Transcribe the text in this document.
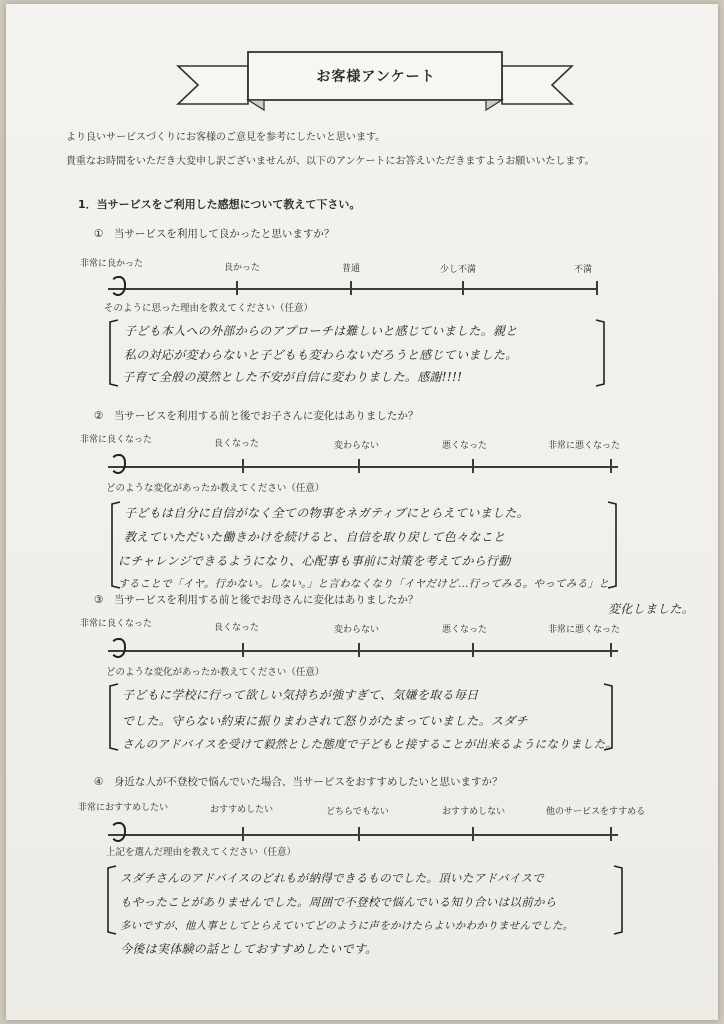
お客様アンケート
より良いサービスづくりにお客様のご意見を参考にしたいと思います。
貴重なお時間をいただき大変申し訳ございませんが、以下のアンケートにお答えいただきますようお願いいたします。
1．当サービスをご利用した感想について教えて下さい。
①　当サービスを利用して良かったと思いますか？
非常に良かった	良かった	普通	少し不満	不満
そのように思った理由を教えてください（任意）
子ども本人への外部からのアプローチは難しいと感じていました。親と
私の対応が変わらないと子どもも変わらないだろうと感じていました。
子育て全般の漠然とした不安が自信に変わりました。感謝!!!!
②　当サービスを利用する前と後でお子さんに変化はありましたか？
非常に良くなった	良くなった	変わらない	悪くなった	非常に悪くなった
どのような変化があったか教えてください（任意）
子どもは自分に自信がなく全ての物事をネガティブにとらえていました。
教えていただいた働きかけを続けると、自信を取り戻して色々なこと
にチャレンジできるようになり、心配事も事前に対策を考えてから行動
することで「イヤ。行かない。しない。」と言わなくなり「イヤだけど…行ってみる。やってみる」と
変化しました。
③　当サービスを利用する前と後でお母さんに変化はありましたか？
非常に良くなった	良くなった	変わらない	悪くなった	非常に悪くなった
どのような変化があったか教えてください（任意）
子どもに学校に行って欲しい気持ちが強すぎて、気嫌を取る毎日
でした。守らない約束に振りまわされて怒りがたまっていました。スダチ
さんのアドバイスを受けて毅然とした態度で子どもと接することが出来るようになりました。
④　身近な人が不登校で悩んでいた場合、当サービスをおすすめしたいと思いますか？
非常におすすめしたい	おすすめしたい	どちらでもない	おすすめしない	他のサービスをすすめる
上記を選んだ理由を教えてください（任意）
スダチさんのアドバイスのどれもが納得できるものでした。頂いたアドバイスで
もやったことがありませんでした。周囲で不登校で悩んでいる知り合いは以前から
多いですが、他人事としてとらえていてどのように声をかけたらよいかわかりませんでした。
今後は実体験の話としておすすめしたいです。
